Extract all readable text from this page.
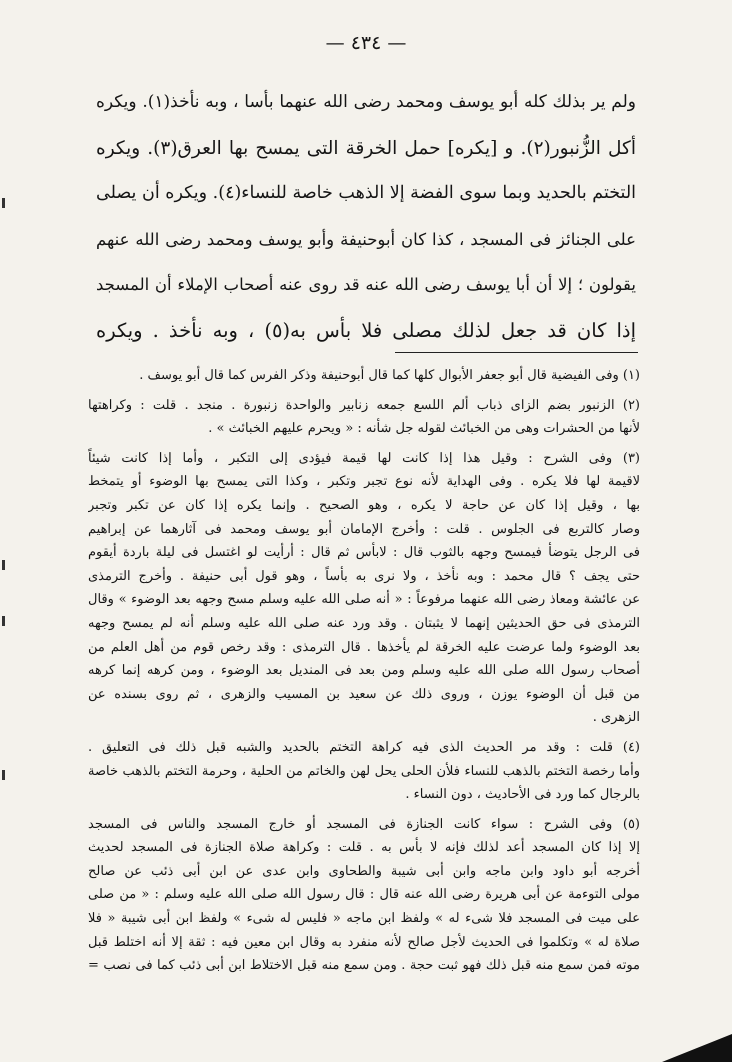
— ٤٣٤ —

ولم ير بذلك كله أبو يوسف ومحمد رضى الله عنهما بأسا ، وبه نأخذ(١). ويكره

أكل الزُّنبور(٢). و [يكره] حمل الخرقة التى يمسح بها العرق(٣). ويكره

التختم بالحديد وبما سوى الفضة إلا الذهب خاصة للنساء(٤). ويكره أن يصلى

على الجنائز فى المسجد ، كذا كان أبوحنيفة وأبو يوسف ومحمد رضى الله عنهم

يقولون ؛ إلا أن أبا يوسف رضى الله عنه قد روى عنه أصحاب الإملاء أن المسجد

إذا كان قد جعل لذلك مصلى فلا بأس به(٥) ، وبه نأخذ . ويكره

(١) وفى الفيضية قال أبو جعفر الأبوال كلها كما قال أبوحنيفة وذكر الفرس كما قال أبو يوسف .

(٢) الزنبور بضم الزاى ذباب ألم اللسع جمعه زنابير والواحدة زنبورة . منجد . قلت : وكراهتها

لأنها من الحشرات وهى من الخبائث لقوله جل شأنه : « ويحرم عليهم الخبائث » .

(٣) وفى الشرح : وقيل هذا إذا كانت لها قيمة فيؤدى إلى التكبر ، وأما إذا كانت شيئاً

لاقيمة لها فلا يكره . وفى الهداية لأنه نوع تجبر وتكبر ، وكذا التى يمسح بها الوضوء أو يتمخط

بها ، وقيل إذا كان عن حاجة لا يكره ، وهو الصحيح . وإنما يكره إذا كان عن تكبر وتجبر

وصار كالتربع فى الجلوس . قلت : وأخرج الإمامان أبو يوسف ومحمد فى آثارهما عن إبراهيم

فى الرجل يتوضأ فيمسح وجهه بالثوب قال : لابأس ثم قال : أرأيت لو اغتسل فى ليلة باردة أيقوم

حتى يجف ؟ قال محمد : وبه نأخذ ، ولا نرى به بأساً ، وهو قول أبى حنيفة . وأخرج الترمذى

عن عائشة ومعاذ رضى الله عنهما مرفوعاً : « أنه صلى الله عليه وسلم مسح وجهه بعد الوضوء » وقال

الترمذى فى حق الحديثين إنهما لا يثبتان . وقد ورد عنه صلى الله عليه وسلم أنه لم يمسح وجهه

بعد الوضوء ولما عرضت عليه الخرقة لم يأخذها . قال الترمذى : وقد رخص قوم من أهل العلم من

أصحاب رسول الله صلى الله عليه وسلم ومن بعد فى المنديل بعد الوضوء ، ومن كرهه إنما كرهه

من قبل أن الوضوء يوزن ، وروى ذلك عن سعيد بن المسيب والزهرى ، ثم روى بسنده عن

الزهرى .

(٤) قلت : وقد مر الحديث الذى فيه كراهة التختم بالحديد والشبه قبل ذلك فى التعليق .

وأما رخصة التختم بالذهب للنساء فلأن الحلى يحل لهن والخاتم من الحلية ، وحرمة التختم بالذهب خاصة

بالرجال كما ورد فى الأحاديث ، دون النساء .

(٥) وفى الشرح : سواء كانت الجنازة فى المسجد أو خارج المسجد والناس فى المسجد

إلا إذا كان المسجد أعد لذلك فإنه لا بأس به . قلت : وكراهة صلاة الجنازة فى المسجد لحديث

أخرجه أبو داود وابن ماجه وابن أبى شيبة والطحاوى وابن عدى عن ابن أبى ذئب عن صالح

مولى التوءمة عن أبى هريرة رضى الله عنه قال : قال رسول الله صلى الله عليه وسلم : « من صلى

على ميت فى المسجد فلا شىء له » ولفظ ابن ماجه « فليس له شىء » ولفظ ابن أبى شيبة « فلا

صلاة له » وتكلموا فى الحديث لأجل صالح لأنه منفرد به وقال ابن معين فيه : ثقة إلا أنه اختلط قبل

موته فمن سمع منه قبل ذلك فهو ثبت حجة . ومن سمع منه قبل الاختلاط ابن أبى ذئب كما فى نصب =
